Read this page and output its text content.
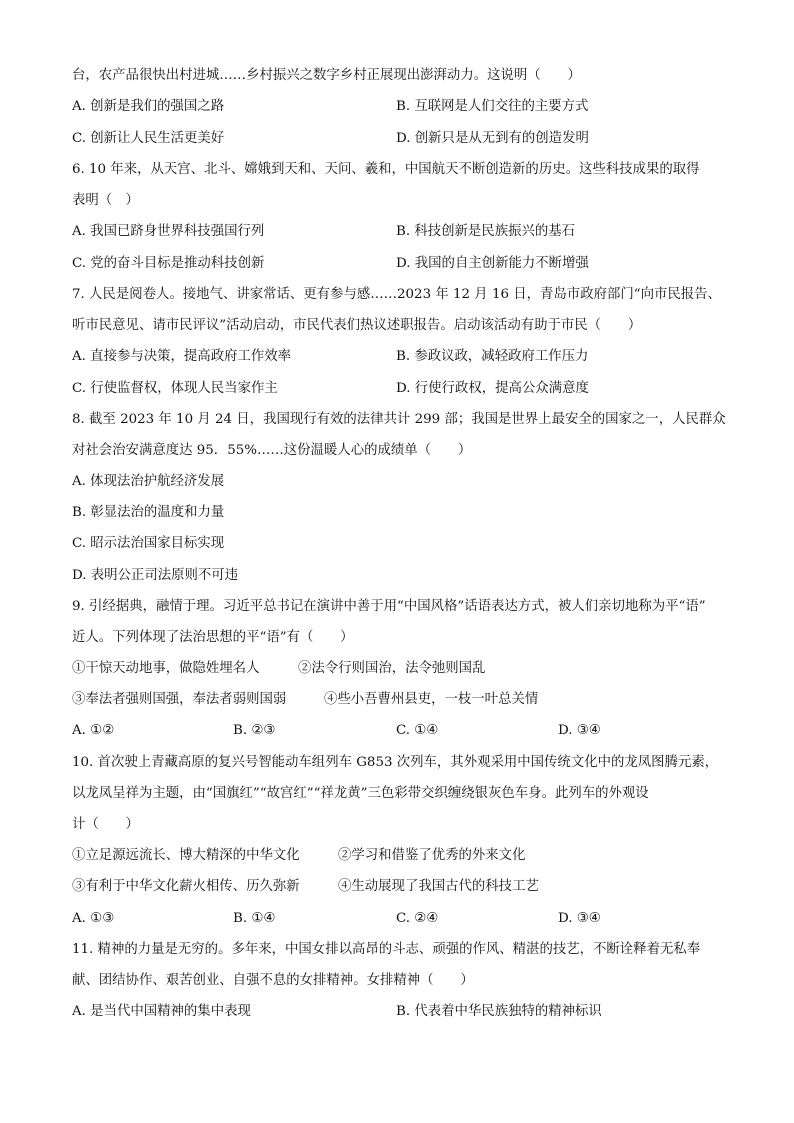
台，农产品很快出村进城……乡村振兴之数字乡村正展现出澎湃动力。这说明（　　）
A. 创新是我们的强国之路	B. 互联网是人们交往的主要方式
C. 创新让人民生活更美好	D. 创新只是从无到有的创造发明
6. 10 年来，从天宫、北斗、嫦娥到天和、天问、羲和，中国航天不断创造新的历史。这些科技成果的取得
表明（　）
A. 我国已跻身世界科技强国行列	B. 科技创新是民族振兴的基石
C. 党的奋斗目标是推动科技创新	D. 我国的自主创新能力不断增强
7. 人民是阅卷人。接地气、讲家常话、更有参与感……2023 年 12 月 16 日，青岛市政府部门“向市民报告、
听市民意见、请市民评议”活动启动，市民代表们热议述职报告。启动该活动有助于市民（　　）
A. 直接参与决策，提高政府工作效率	B. 参政议政，减轻政府工作压力
C. 行使监督权，体现人民当家作主	D. 行使行政权，提高公众满意度
8. 截至 2023 年 10 月 24 日，我国现行有效的法律共计 299 部；我国是世界上最安全的国家之一，人民群众
对社会治安满意度达 95．55%……这份温暖人心的成绩单（　　）
A. 体现法治护航经济发展
B. 彰显法治的温度和力量
C. 昭示法治国家目标实现
D. 表明公正司法原则不可违
9. 引经据典，融情于理。习近平总书记在演讲中善于用“中国风格”话语表达方式，被人们亲切地称为平“语”
近人。下列体现了法治思想的平“语”有（　　）
①干惊天动地事，做隐姓埋名人	②法令行则国治，法令弛则国乱
③奉法者强则国强，奉法者弱则国弱	④些小吾曹州县吏，一枝一叶总关情
A. ①②	B. ②③	C. ①④	D. ③④
10. 首次驶上青藏高原的复兴号智能动车组列车 G853 次列车，其外观采用中国传统文化中的龙凤图腾元素，
以龙凤呈祥为主题，由“国旗红”“故宫红”“祥龙黄”三色彩带交织缠绕银灰色车身。此列车的外观设
计（　　）
①立足源远流长、博大精深的中华文化	②学习和借鉴了优秀的外来文化
③有利于中华文化薪火相传、历久弥新	④生动展现了我国古代的科技工艺
A. ①③	B. ①④	C. ②④	D. ③④
11. 精神的力量是无穷的。多年来，中国女排以高昂的斗志、顽强的作风、精湛的技艺，不断诠释着无私奉
献、团结协作、艰苦创业、自强不息的女排精神。女排精神（　　）
A. 是当代中国精神的集中表现	B. 代表着中华民族独特的精神标识
